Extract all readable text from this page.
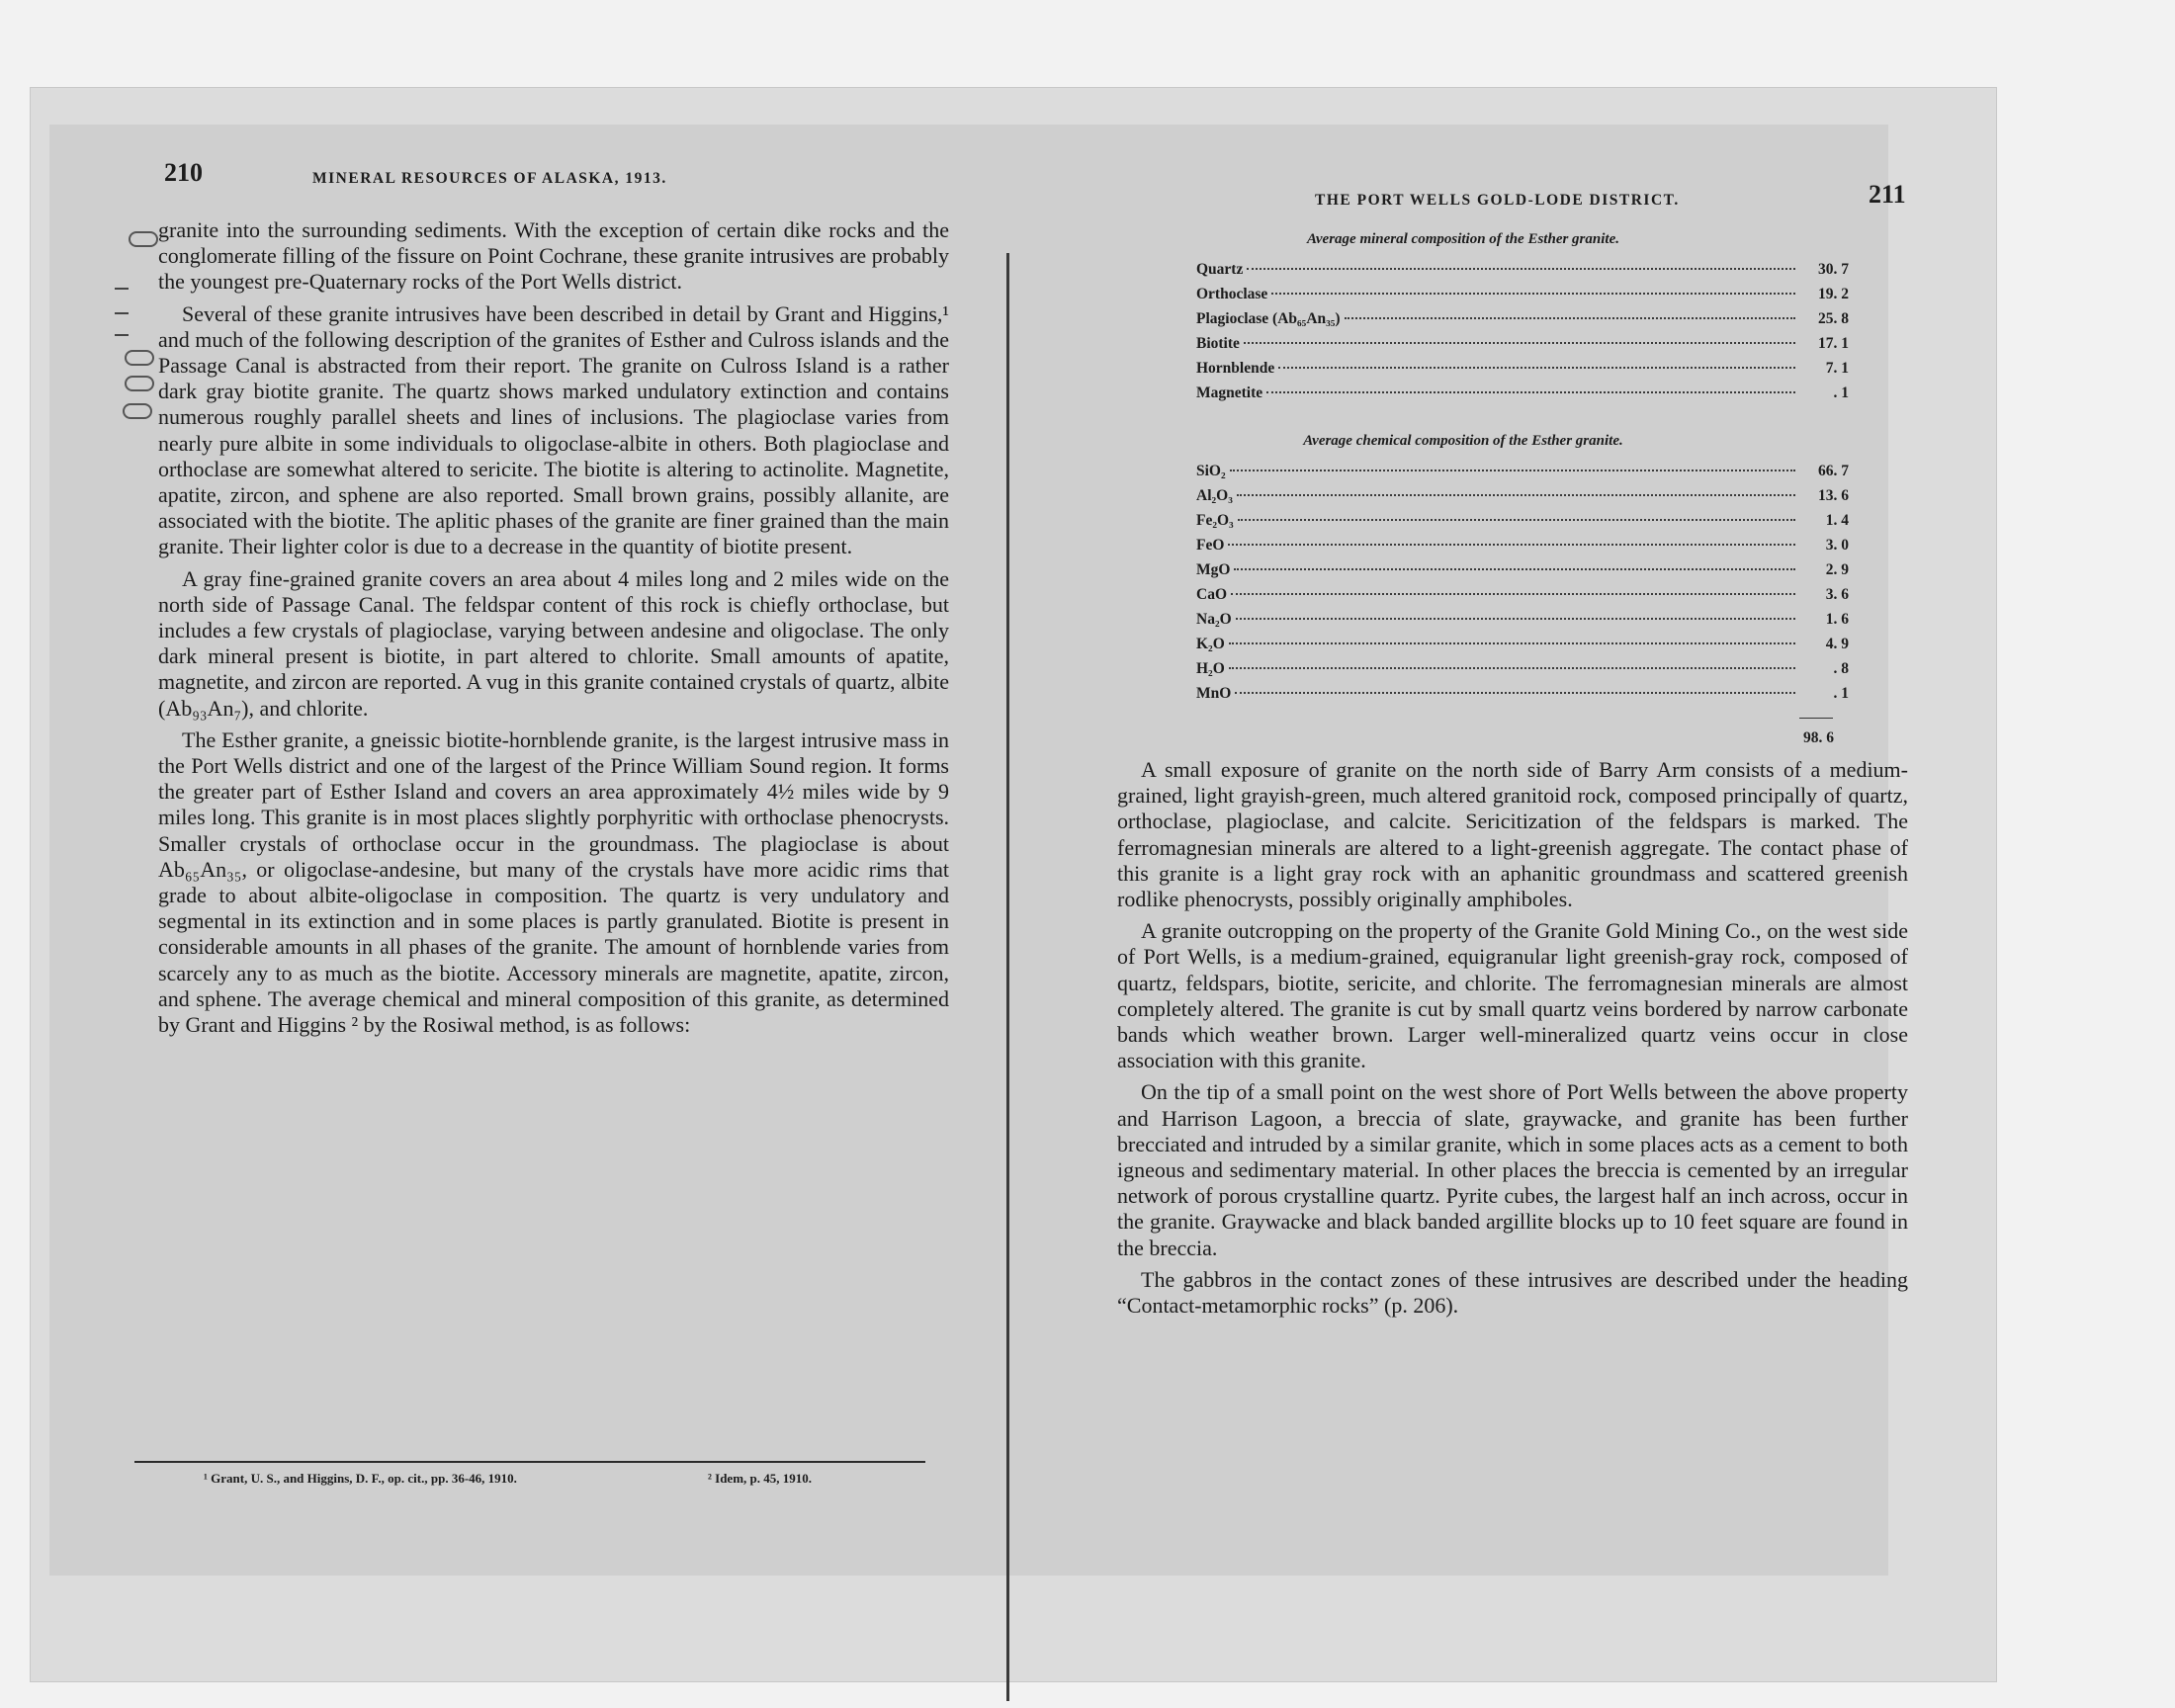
210	MINERAL RESOURCES OF ALASKA, 1913.

granite into the surrounding sediments. With the exception of certain dike rocks and the conglomerate filling of the fissure on Point Cochrane, these granite intrusives are probably the youngest pre-Quaternary rocks of the Port Wells district.

Several of these granite intrusives have been described in detail by Grant and Higgins,¹ and much of the following description of the granites of Esther and Culross islands and the Passage Canal is abstracted from their report. The granite on Culross Island is a rather dark gray biotite granite. The quartz shows marked undulatory extinction and contains numerous roughly parallel sheets and lines of inclusions. The plagioclase varies from nearly pure albite in some individuals to oligoclase-albite in others. Both plagioclase and orthoclase are somewhat altered to sericite. The biotite is altering to actinolite. Magnetite, apatite, zircon, and sphene are also reported. Small brown grains, possibly allanite, are associated with the biotite. The aplitic phases of the granite are finer grained than the main granite. Their lighter color is due to a decrease in the quantity of biotite present.

A gray fine-grained granite covers an area about 4 miles long and 2 miles wide on the north side of Passage Canal. The feldspar content of this rock is chiefly orthoclase, but includes a few crystals of plagioclase, varying between andesine and oligoclase. The only dark mineral present is biotite, in part altered to chlorite. Small amounts of apatite, magnetite, and zircon are reported. A vug in this granite contained crystals of quartz, albite (Ab₉₃An₇), and chlorite.

The Esther granite, a gneissic biotite-hornblende granite, is the largest intrusive mass in the Port Wells district and one of the largest of the Prince William Sound region. It forms the greater part of Esther Island and covers an area approximately 4½ miles wide by 9 miles long. This granite is in most places slightly porphyritic with orthoclase phenocrysts. Smaller crystals of orthoclase occur in the groundmass. The plagioclase is about Ab₆₅An₃₅, or oligoclase-andesine, but many of the crystals have more acidic rims that grade to about albite-oligoclase in composition. The quartz is very undulatory and segmental in its extinction and in some places is partly granulated. Biotite is present in considerable amounts in all phases of the granite. The amount of hornblende varies from scarcely any to as much as the biotite. Accessory minerals are magnetite, apatite, zircon, and sphene. The average chemical and mineral composition of this granite, as determined by Grant and Higgins ² by the Rosiwal method, is as follows:

¹ Grant, U. S., and Higgins, D. F., op. cit., pp. 36-46, 1910.	² Idem, p. 45, 1910.
THE PORT WELLS GOLD-LODE DISTRICT.	211
Average mineral composition of the Esther granite.
Quartz	30. 7
Orthoclase	19. 2
Plagioclase (Ab₆₅An₃₅)	25. 8
Biotite	17. 1
Hornblende	7. 1
Magnetite	. 1
Average chemical composition of the Esther granite.
SiO₂	66. 7
Al₂O₃	13. 6
Fe₂O₃	1. 4
FeO	3. 0
MgO	2. 9
CaO	3. 6
Na₂O	1. 6
K₂O	4. 9
H₂O	. 8
MnO	. 1
98. 6

A small exposure of granite on the north side of Barry Arm consists of a medium-grained, light grayish-green, much altered granitoid rock, composed principally of quartz, orthoclase, plagioclase, and calcite. Sericitization of the feldspars is marked. The ferromagnesian minerals are altered to a light-greenish aggregate. The contact phase of this granite is a light gray rock with an aphanitic groundmass and scattered greenish rodlike phenocrysts, possibly originally amphiboles.

A granite outcropping on the property of the Granite Gold Mining Co., on the west side of Port Wells, is a medium-grained, equigranular light greenish-gray rock, composed of quartz, feldspars, biotite, sericite, and chlorite. The ferromagnesian minerals are almost completely altered. The granite is cut by small quartz veins bordered by narrow carbonate bands which weather brown. Larger well-mineralized quartz veins occur in close association with this granite.

On the tip of a small point on the west shore of Port Wells between the above property and Harrison Lagoon, a breccia of slate, graywacke, and granite has been further brecciated and intruded by a similar granite, which in some places acts as a cement to both igneous and sedimentary material. In other places the breccia is cemented by an irregular network of porous crystalline quartz. Pyrite cubes, the largest half an inch across, occur in the granite. Graywacke and black banded argillite blocks up to 10 feet square are found in the breccia.

The gabbros in the contact zones of these intrusives are described under the heading “Contact-metamorphic rocks” (p. 206).
